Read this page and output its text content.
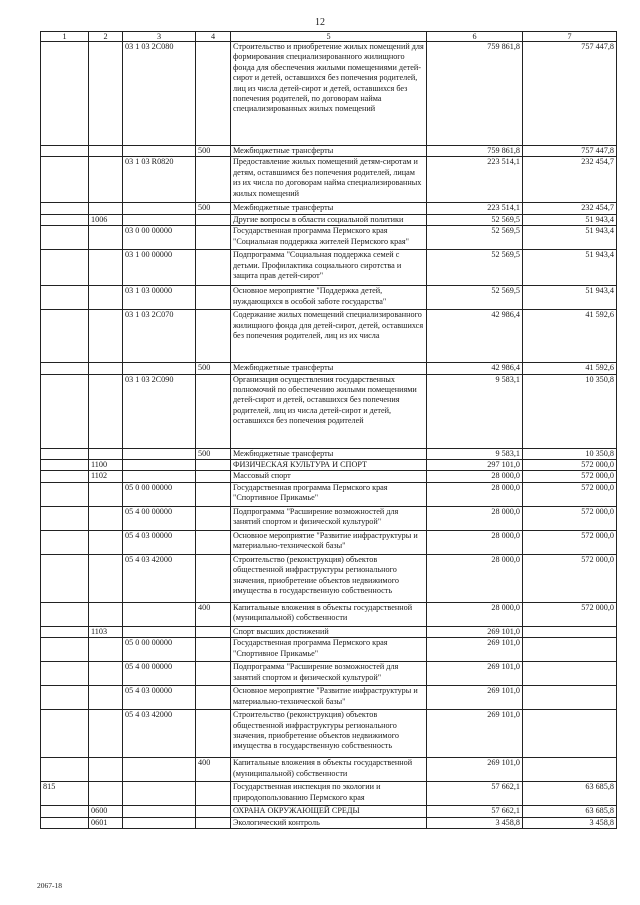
12
1	2	3	4	5	6	7
		03 1 03 2С080		Строительство и приобретение жилых помещений для формирования специализированного жилищного фонда для обеспечения жилыми помещениями детей-сирот и детей, оставшихся без попечения родителей, лиц из числа детей-сирот и детей, оставшихся без попечения родителей, по договорам найма специализированных жилых помещений	759 861,8	757 447,8
			500	Межбюджетные трансферты	759 861,8	757 447,8
		03 1 03 R0820		Предоставление жилых помещений детям-сиротам и детям, оставшимся без попечения родителей, лицам из их числа по договорам найма специализированных жилых помещений	223 514,1	232 454,7
			500	Межбюджетные трансферты	223 514,1	232 454,7
	1006			Другие вопросы в области социальной политики	52 569,5	51 943,4
		03 0 00 00000		Государственная программа Пермского края "Социальная поддержка жителей Пермского края"	52 569,5	51 943,4
		03 1 00 00000		Подпрограмма "Социальная поддержка семей с детьми. Профилактика социального сиротства и защита прав детей-сирот"	52 569,5	51 943,4
		03 1 03 00000		Основное мероприятие "Поддержка детей, нуждающихся в особой заботе государства"	52 569,5	51 943,4
		03 1 03 2С070		Содержание жилых помещений специализированного жилищного фонда для детей-сирот, детей, оставшихся без попечения родителей, лиц из их числа	42 986,4	41 592,6
			500	Межбюджетные трансферты	42 986,4	41 592,6
		03 1 03 2С090		Организация осуществления государственных полномочий по обеспечению жилыми помещениями детей-сирот и детей, оставшихся без попечения родителей, лиц из числа детей-сирот и детей, оставшихся без попечения родителей	9 583,1	10 350,8
			500	Межбюджетные трансферты	9 583,1	10 350,8
	1100			ФИЗИЧЕСКАЯ КУЛЬТУРА И СПОРТ	297 101,0	572 000,0
	1102			Массовый спорт	28 000,0	572 000,0
		05 0 00 00000		Государственная программа Пермского края "Спортивное Прикамье"	28 000,0	572 000,0
		05 4 00 00000		Подпрограмма "Расширение возможностей для занятий спортом и физической культурой"	28 000,0	572 000,0
		05 4 03 00000		Основное мероприятие "Развитие инфраструктуры и материально-технической базы"	28 000,0	572 000,0
		05 4 03 42000		Строительство (реконструкция) объектов общественной инфраструктуры регионального значения, приобретение объектов недвижимого имущества в государственную собственность	28 000,0	572 000,0
			400	Капитальные вложения в объекты государственной (муниципальной) собственности	28 000,0	572 000,0
	1103			Спорт высших достижений	269 101,0	
		05 0 00 00000		Государственная программа Пермского края "Спортивное Прикамье"	269 101,0	
		05 4 00 00000		Подпрограмма "Расширение возможностей для занятий спортом и физической культурой"	269 101,0	
		05 4 03 00000		Основное мероприятие "Развитие инфраструктуры и материально-технической базы"	269 101,0	
		05 4 03 42000		Строительство (реконструкция) объектов общественной инфраструктуры регионального значения, приобретение объектов недвижимого имущества в государственную собственность	269 101,0	
			400	Капитальные вложения в объекты государственной (муниципальной) собственности	269 101,0	
815				Государственная инспекция по экологии и природопользованию Пермского края	57 662,1	63 685,8
	0600			ОХРАНА ОКРУЖАЮЩЕЙ СРЕДЫ	57 662,1	63 685,8
	0601			Экологический контроль	3 458,8	3 458,8
2067-18
